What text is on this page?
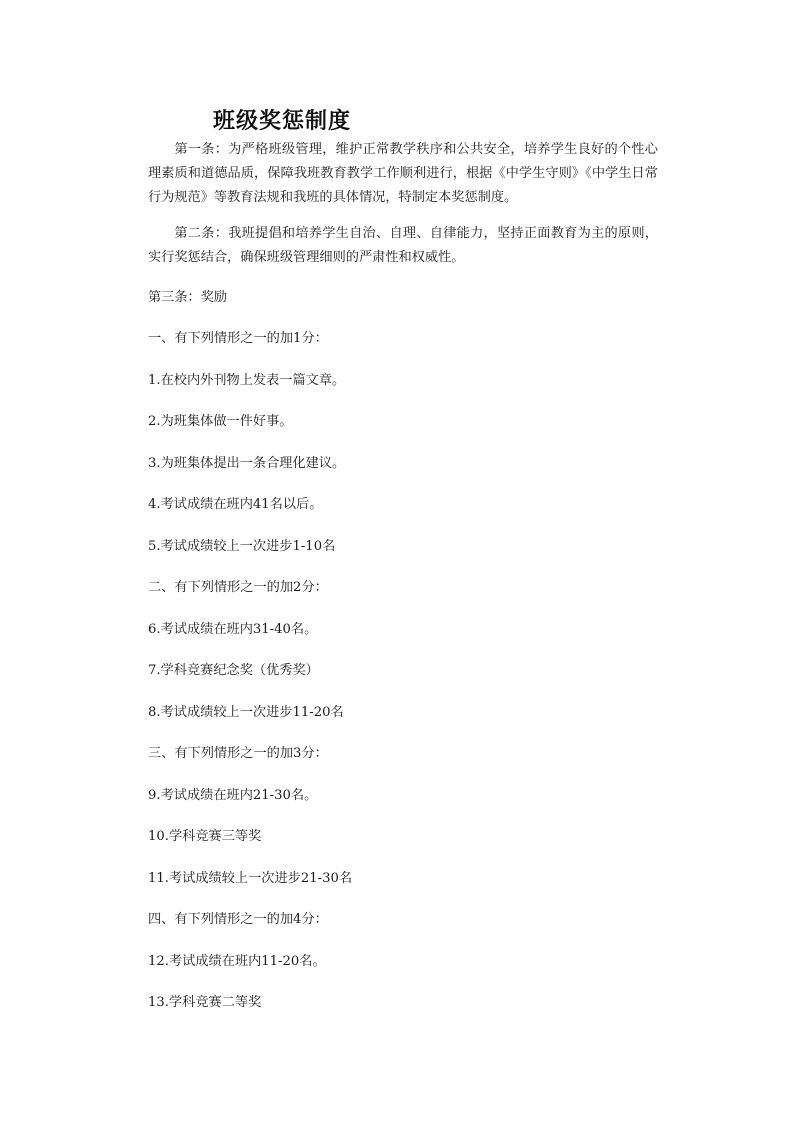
班级奖惩制度

第一条：为严格班级管理，维护正常教学秩序和公共安全，培养学生良好的个性心理素质和道德品质，保障我班教育教学工作顺利进行，根据《中学生守则》《中学生日常行为规范》等教育法规和我班的具体情况，特制定本奖惩制度。

第二条：我班提倡和培养学生自治、自理、自律能力，坚持正面教育为主的原则，实行奖惩结合，确保班级管理细则的严肃性和权威性。

第三条：奖励

一、有下列情形之一的加1分：

1.在校内外刊物上发表一篇文章。

2.为班集体做一件好事。

3.为班集体提出一条合理化建议。

4.考试成绩在班内41名以后。

5.考试成绩较上一次进步1-10名

二、有下列情形之一的加2分：

6.考试成绩在班内31-40名。

7.学科竞赛纪念奖（优秀奖）

8.考试成绩较上一次进步11-20名

三、有下列情形之一的加3分：

9.考试成绩在班内21-30名。

10.学科竞赛三等奖

11.考试成绩较上一次进步21-30名

四、有下列情形之一的加4分：

12.考试成绩在班内11-20名。

13.学科竞赛二等奖
